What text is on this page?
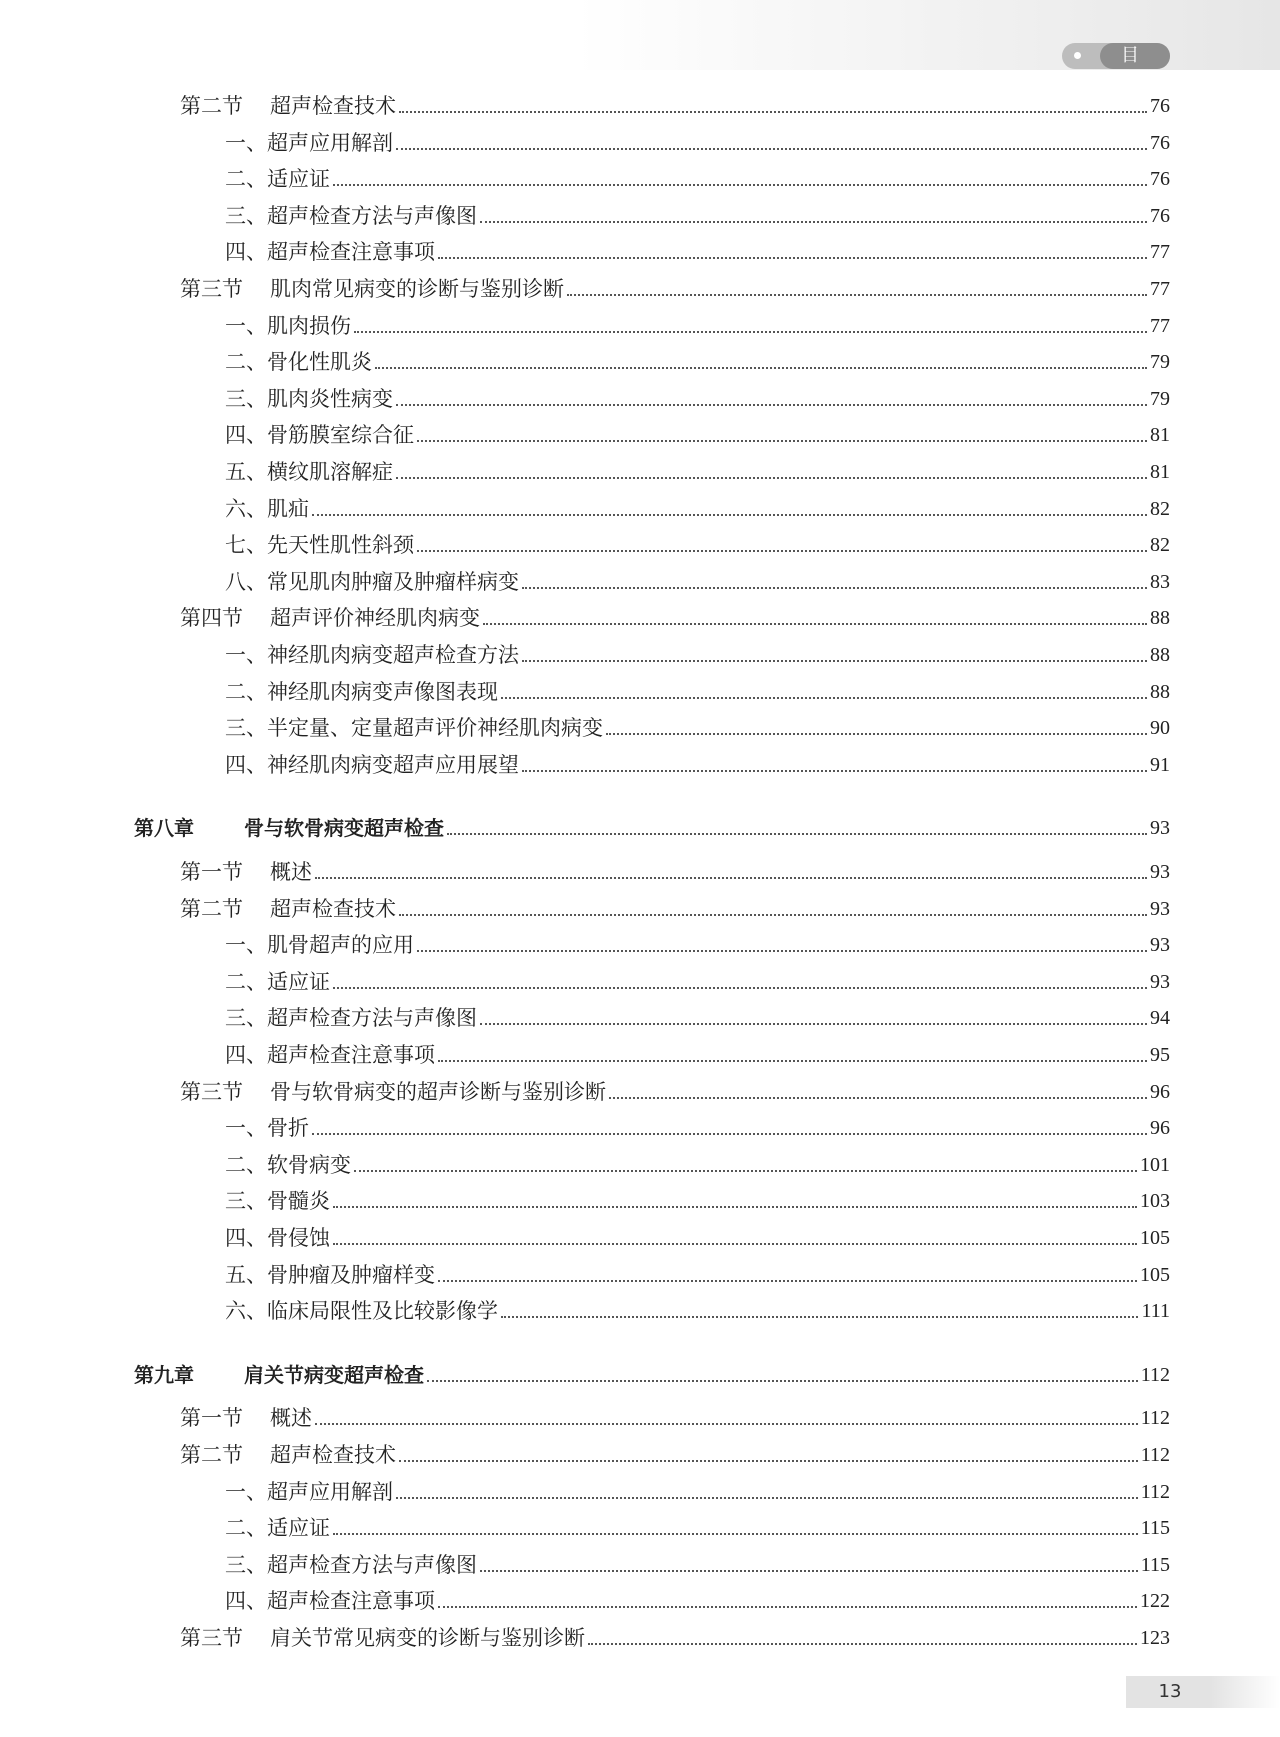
目 录
第二节	超声检查技术	76
一、超声应用解剖	76
二、适应证	76
三、超声检查方法与声像图	76
四、超声检查注意事项	77
第三节	肌肉常见病变的诊断与鉴别诊断	77
一、肌肉损伤	77
二、骨化性肌炎	79
三、肌肉炎性病变	79
四、骨筋膜室综合征	81
五、横纹肌溶解症	81
六、肌疝	82
七、先天性肌性斜颈	82
八、常见肌肉肿瘤及肿瘤样病变	83
第四节	超声评价神经肌肉病变	88
一、神经肌肉病变超声检查方法	88
二、神经肌肉病变声像图表现	88
三、半定量、定量超声评价神经肌肉病变	90
四、神经肌肉病变超声应用展望	91
第八章	骨与软骨病变超声检查	93
第一节	概述	93
第二节	超声检查技术	93
一、肌骨超声的应用	93
二、适应证	93
三、超声检查方法与声像图	94
四、超声检查注意事项	95
第三节	骨与软骨病变的超声诊断与鉴别诊断	96
一、骨折	96
二、软骨病变	101
三、骨髓炎	103
四、骨侵蚀	105
五、骨肿瘤及肿瘤样变	105
六、临床局限性及比较影像学	111
第九章	肩关节病变超声检查	112
第一节	概述	112
第二节	超声检查技术	112
一、超声应用解剖	112
二、适应证	115
三、超声检查方法与声像图	115
四、超声检查注意事项	122
第三节	肩关节常见病变的诊断与鉴别诊断	123
13
